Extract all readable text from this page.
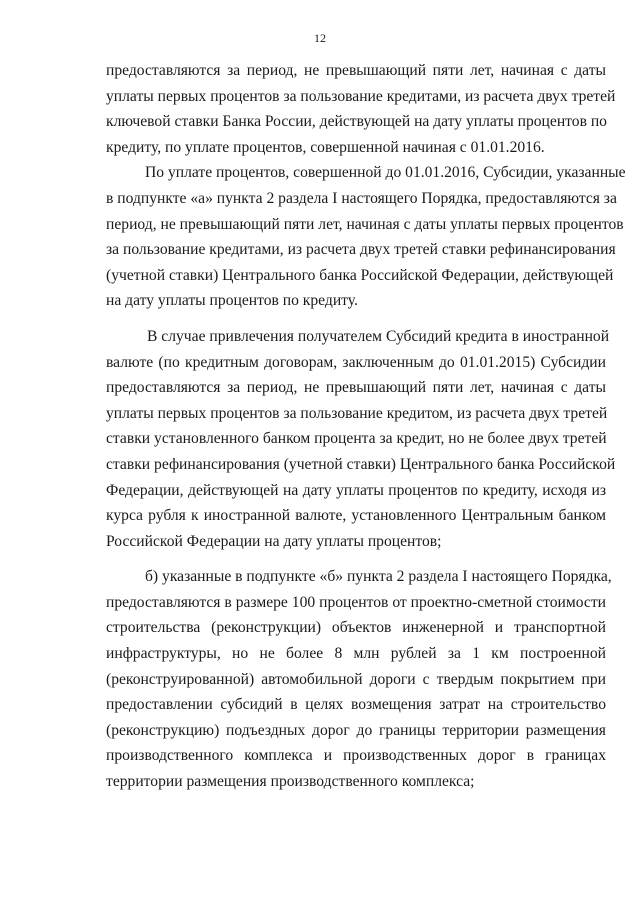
12
предоставляются за период, не превышающий пяти лет, начиная с даты
уплаты первых процентов за пользование кредитами, из расчета двух третей
ключевой ставки Банка России, действующей на дату уплаты процентов по
кредиту, по уплате процентов, совершенной начиная с 01.01.2016.
По уплате процентов, совершенной до 01.01.2016, Субсидии, указанные
в подпункте «а» пункта 2 раздела I настоящего Порядка, предоставляются за
период, не превышающий пяти лет, начиная с даты уплаты первых процентов
за пользование кредитами, из расчета двух третей ставки рефинансирования
(учетной ставки) Центрального банка Российской Федерации, действующей
на дату уплаты процентов по кредиту.
В случае привлечения получателем Субсидий кредита в иностранной
валюте (по кредитным договорам, заключенным до 01.01.2015) Субсидии
предоставляются за период, не превышающий пяти лет, начиная с даты
уплаты первых процентов за пользование кредитом, из расчета двух третей
ставки установленного банком процента за кредит, но не более двух третей
ставки рефинансирования (учетной ставки) Центрального банка Российской
Федерации, действующей на дату уплаты процентов по кредиту, исходя из
курса рубля к иностранной валюте, установленного Центральным банком
Российской Федерации на дату уплаты процентов;
б) указанные в подпункте «б» пункта 2 раздела I настоящего Порядка,
предоставляются в размере 100 процентов от проектно-сметной стоимости
строительства (реконструкции) объектов инженерной и транспортной
инфраструктуры, но не более 8 млн рублей за 1 км построенной
(реконструированной) автомобильной дороги с твердым покрытием при
предоставлении субсидий в целях возмещения затрат на строительство
(реконструкцию) подъездных дорог до границы территории размещения
производственного комплекса и производственных дорог в границах
территории размещения производственного комплекса;
